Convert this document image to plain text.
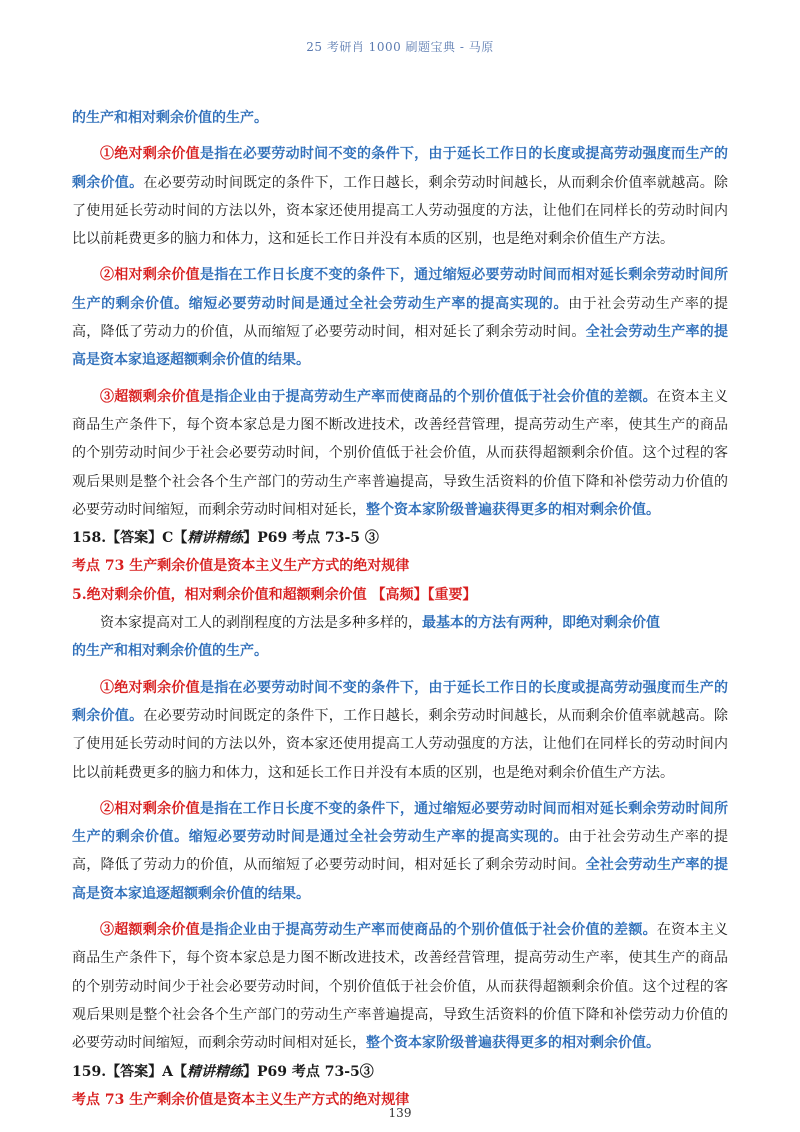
25 考研肖 1000 刷题宝典 - 马原

的生产和相对剩余价值的生产。

①绝对剩余价值是指在必要劳动时间不变的条件下，由于延长工作日的长度或提高劳动强度而生产的剩余价值。在必要劳动时间既定的条件下，工作日越长，剩余劳动时间越长，从而剩余价值率就越高。除了使用延长劳动时间的方法以外，资本家还使用提高工人劳动强度的方法，让他们在同样长的劳动时间内比以前耗费更多的脑力和体力，这和延长工作日并没有本质的区别，也是绝对剩余价值生产方法。

②相对剩余价值是指在工作日长度不变的条件下，通过缩短必要劳动时间而相对延长剩余劳动时间所生产的剩余价值。缩短必要劳动时间是通过全社会劳动生产率的提高实现的。由于社会劳动生产率的提高，降低了劳动力的价值，从而缩短了必要劳动时间，相对延长了剩余劳动时间。全社会劳动生产率的提高是资本家追逐超额剩余价值的结果。

③超额剩余价值是指企业由于提高劳动生产率而使商品的个别价值低于社会价值的差额。在资本主义商品生产条件下，每个资本家总是力图不断改进技术，改善经营管理，提高劳动生产率，使其生产的商品的个别劳动时间少于社会必要劳动时间，个别价值低于社会价值，从而获得超额剩余价值。这个过程的客观后果则是整个社会各个生产部门的劳动生产率普遍提高，导致生活资料的价值下降和补偿劳动力价值的必要劳动时间缩短，而剩余劳动时间相对延长，整个资本家阶级普遍获得更多的相对剩余价值。

158.【答案】C【精讲精练】P69 考点 73-5 ③

考点 73 生产剩余价值是资本主义生产方式的绝对规律

5.绝对剩余价值，相对剩余价值和超额剩余价值 【高频】【重要】

资本家提高对工人的剥削程度的方法是多种多样的，最基本的方法有两种，即绝对剩余价值

的生产和相对剩余价值的生产。

①绝对剩余价值是指在必要劳动时间不变的条件下，由于延长工作日的长度或提高劳动强度而生产的剩余价值。在必要劳动时间既定的条件下，工作日越长，剩余劳动时间越长，从而剩余价值率就越高。除了使用延长劳动时间的方法以外，资本家还使用提高工人劳动强度的方法，让他们在同样长的劳动时间内比以前耗费更多的脑力和体力，这和延长工作日并没有本质的区别，也是绝对剩余价值生产方法。

②相对剩余价值是指在工作日长度不变的条件下，通过缩短必要劳动时间而相对延长剩余劳动时间所生产的剩余价值。缩短必要劳动时间是通过全社会劳动生产率的提高实现的。由于社会劳动生产率的提高，降低了劳动力的价值，从而缩短了必要劳动时间，相对延长了剩余劳动时间。全社会劳动生产率的提高是资本家追逐超额剩余价值的结果。

③超额剩余价值是指企业由于提高劳动生产率而使商品的个别价值低于社会价值的差额。在资本主义商品生产条件下，每个资本家总是力图不断改进技术，改善经营管理，提高劳动生产率，使其生产的商品的个别劳动时间少于社会必要劳动时间，个别价值低于社会价值，从而获得超额剩余价值。这个过程的客观后果则是整个社会各个生产部门的劳动生产率普遍提高，导致生活资料的价值下降和补偿劳动力价值的必要劳动时间缩短，而剩余劳动时间相对延长，整个资本家阶级普遍获得更多的相对剩余价值。

159.【答案】A【精讲精练】P69 考点 73-5③

考点 73 生产剩余价值是资本主义生产方式的绝对规律

139
